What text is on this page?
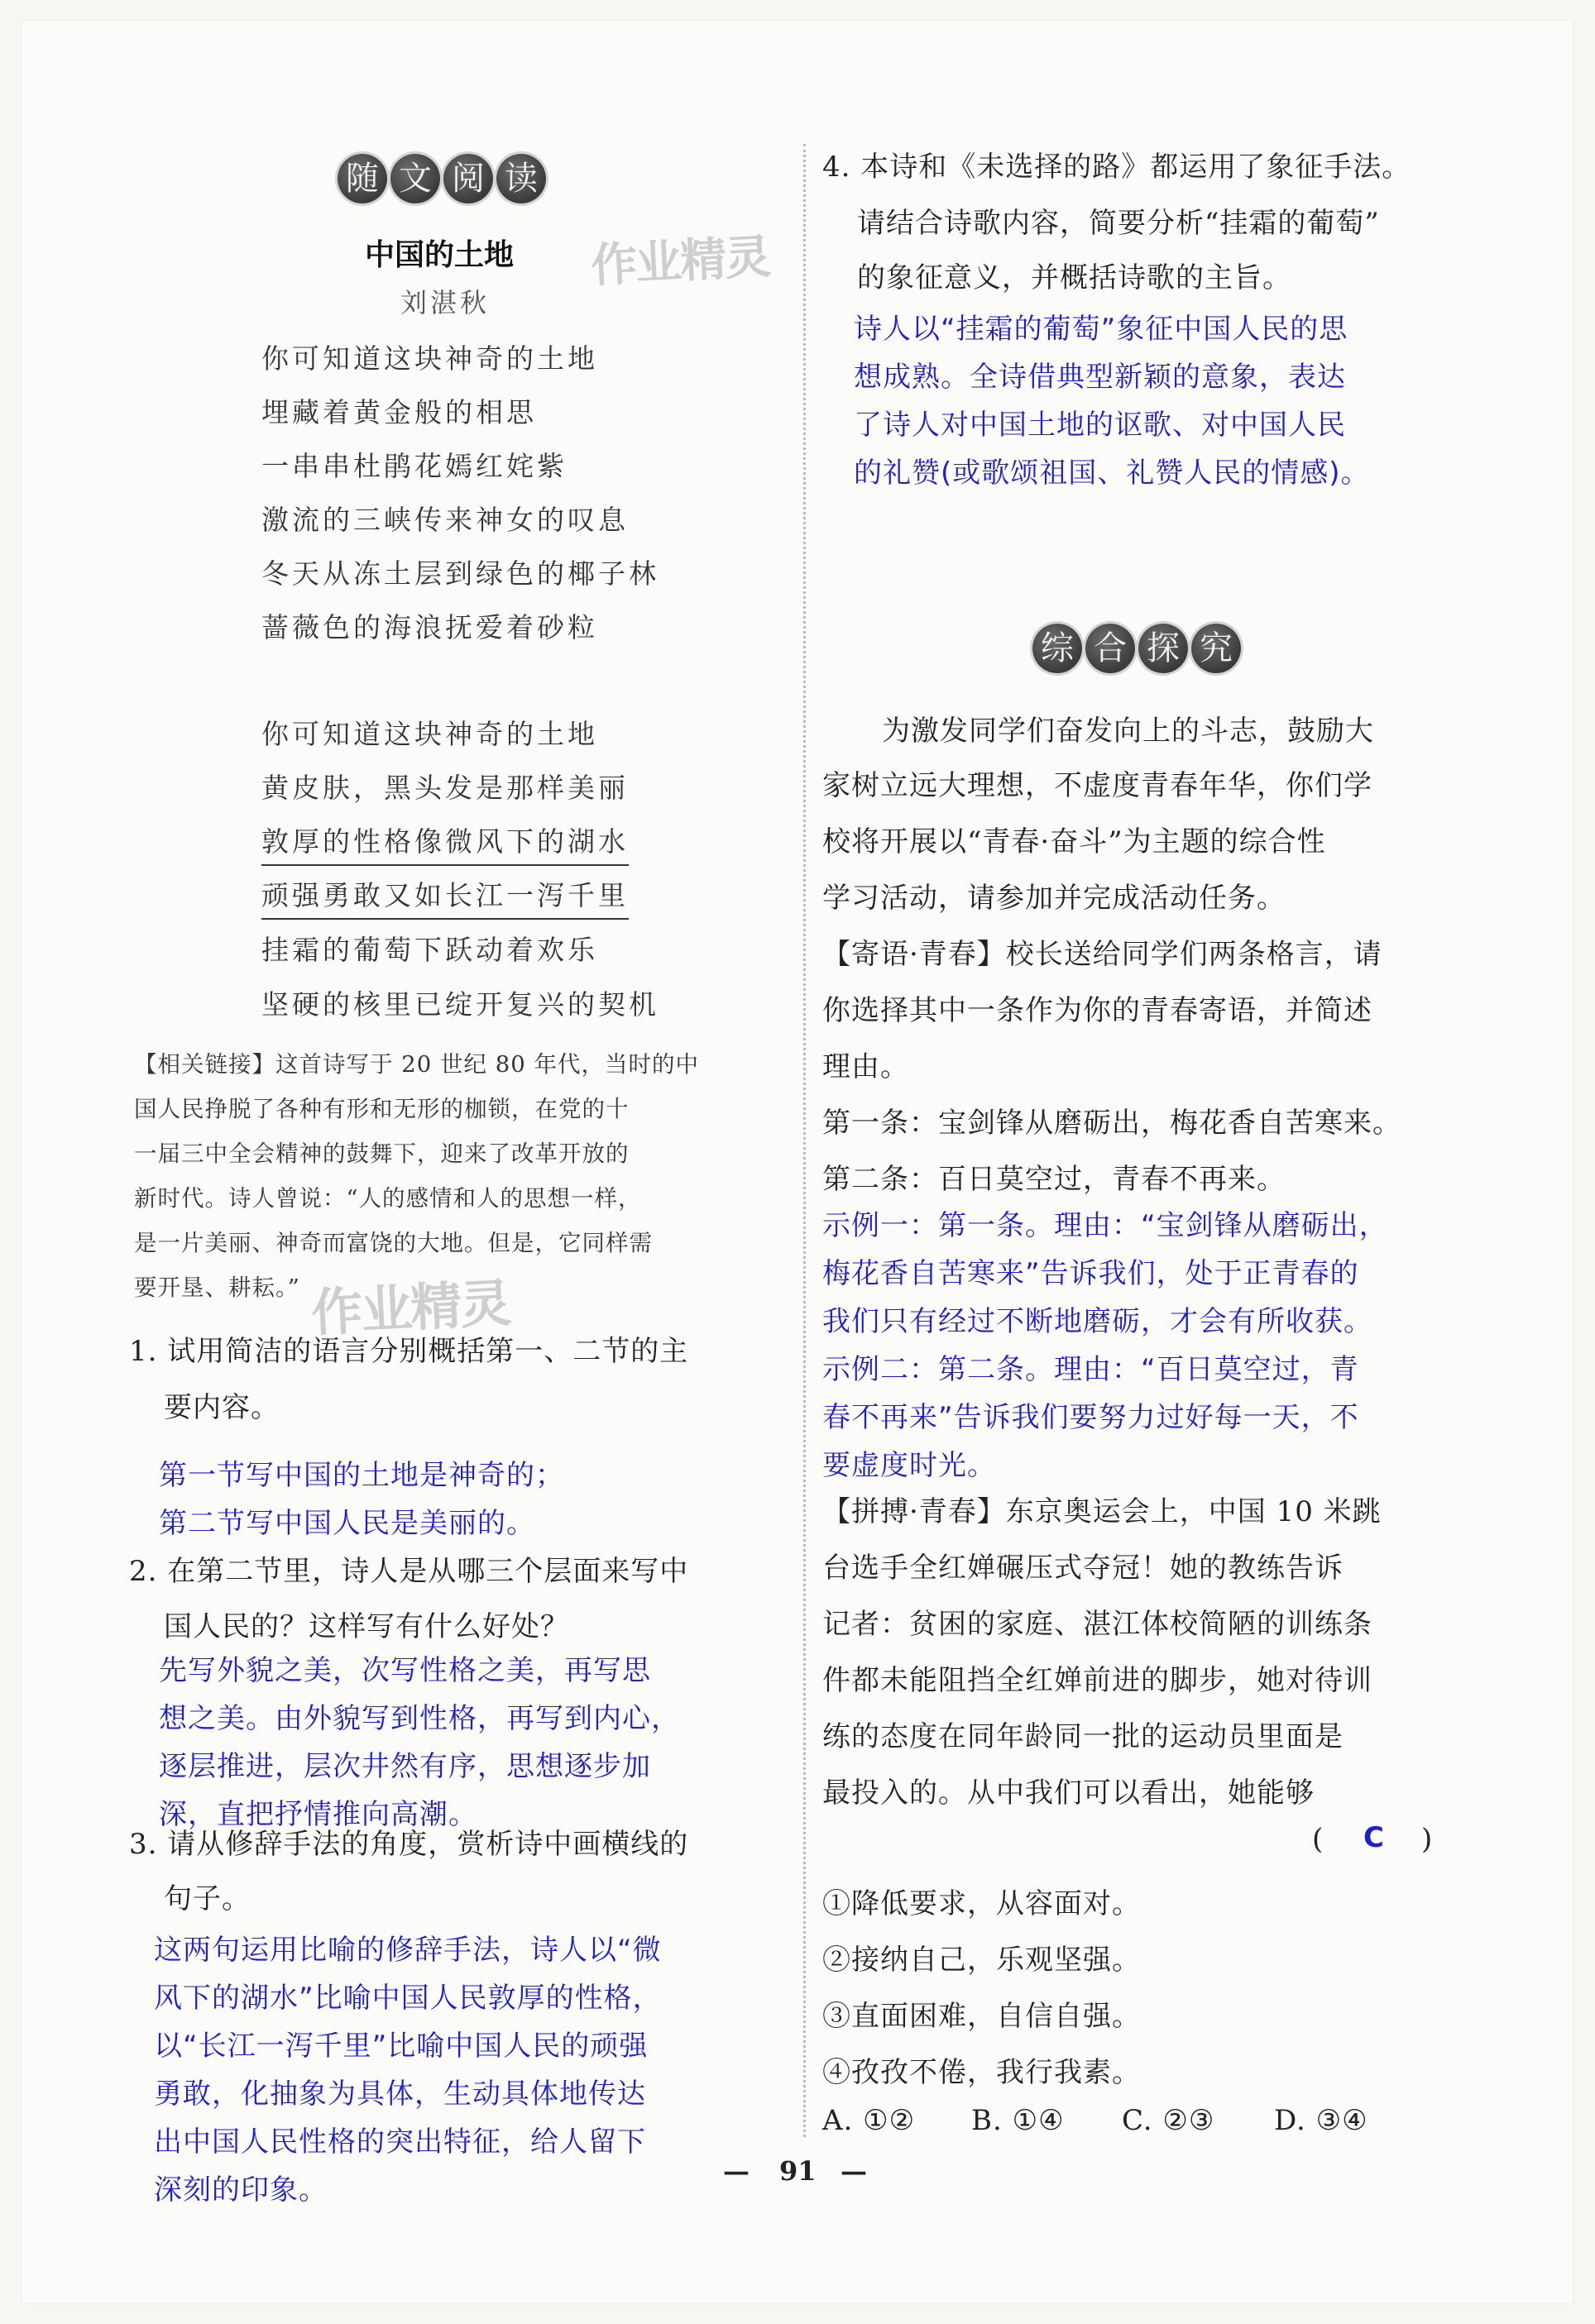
随 文 阅 读
中国的土地 作业精灵
刘湛秋
你可知道这块神奇的土地
埋藏着黄金般的相思
一串串杜鹃花嫣红姹紫
激流的三峡传来神女的叹息
冬天从冻土层到绿色的椰子林
蔷薇色的海浪抚爱着砂粒
你可知道这块神奇的土地
黄皮肤，黑头发是那样美丽
敦厚的性格像微风下的湖水
顽强勇敢又如长江一泻千里
挂霜的葡萄下跃动着欢乐
坚硬的核里已绽开复兴的契机
【相关链接】这首诗写于 20 世纪 80 年代，当时的中
国人民挣脱了各种有形和无形的枷锁，在党的十
一届三中全会精神的鼓舞下，迎来了改革开放的
新时代。诗人曾说：“人的感情和人的思想一样，
是一片美丽、神奇而富饶的大地。但是，它同样需
要开垦、耕耘。” 作业精灵
1. 试用简洁的语言分别概括第一、二节的主
要内容。
第一节写中国的土地是神奇的；
第二节写中国人民是美丽的。
2. 在第二节里，诗人是从哪三个层面来写中
国人民的？这样写有什么好处？
先写外貌之美，次写性格之美，再写思
想之美。由外貌写到性格，再写到内心，
逐层推进，层次井然有序，思想逐步加
深，直把抒情推向高潮。
3. 请从修辞手法的角度，赏析诗中画横线的
句子。
这两句运用比喻的修辞手法，诗人以“微
风下的湖水”比喻中国人民敦厚的性格，
以“长江一泻千里”比喻中国人民的顽强
勇敢，化抽象为具体，生动具体地传达
出中国人民性格的突出特征，给人留下
深刻的印象。
4. 本诗和《未选择的路》都运用了象征手法。
请结合诗歌内容，简要分析“挂霜的葡萄”
的象征意义，并概括诗歌的主旨。
诗人以“挂霜的葡萄”象征中国人民的思
想成熟。全诗借典型新颖的意象，表达
了诗人对中国土地的讴歌、对中国人民
的礼赞(或歌颂祖国、礼赞人民的情感)。
综 合 探 究
为激发同学们奋发向上的斗志，鼓励大
家树立远大理想，不虚度青春年华，你们学
校将开展以“青春·奋斗”为主题的综合性
学习活动，请参加并完成活动任务。
【寄语·青春】校长送给同学们两条格言，请
你选择其中一条作为你的青春寄语，并简述
理由。
第一条：宝剑锋从磨砺出，梅花香自苦寒来。
第二条：百日莫空过，青春不再来。
示例一：第一条。理由：“宝剑锋从磨砺出，
梅花香自苦寒来”告诉我们，处于正青春的
我们只有经过不断地磨砺，才会有所收获。
示例二：第二条。理由：“百日莫空过，青
春不再来”告诉我们要努力过好每一天，不
要虚度时光。
【拼搏·青春】东京奥运会上，中国 10 米跳
台选手全红婵碾压式夺冠！她的教练告诉
记者：贫困的家庭、湛江体校简陋的训练条
件都未能阻挡全红婵前进的脚步，她对待训
练的态度在同年龄同一批的运动员里面是
最投入的。从中我们可以看出，她能够
( C )
①降低要求，从容面对。
②接纳自己，乐观坚强。
③直面困难，自信自强。
④孜孜不倦，我行我素。
A. ①② B. ①④ C. ②③ D. ③④
— 91 —
